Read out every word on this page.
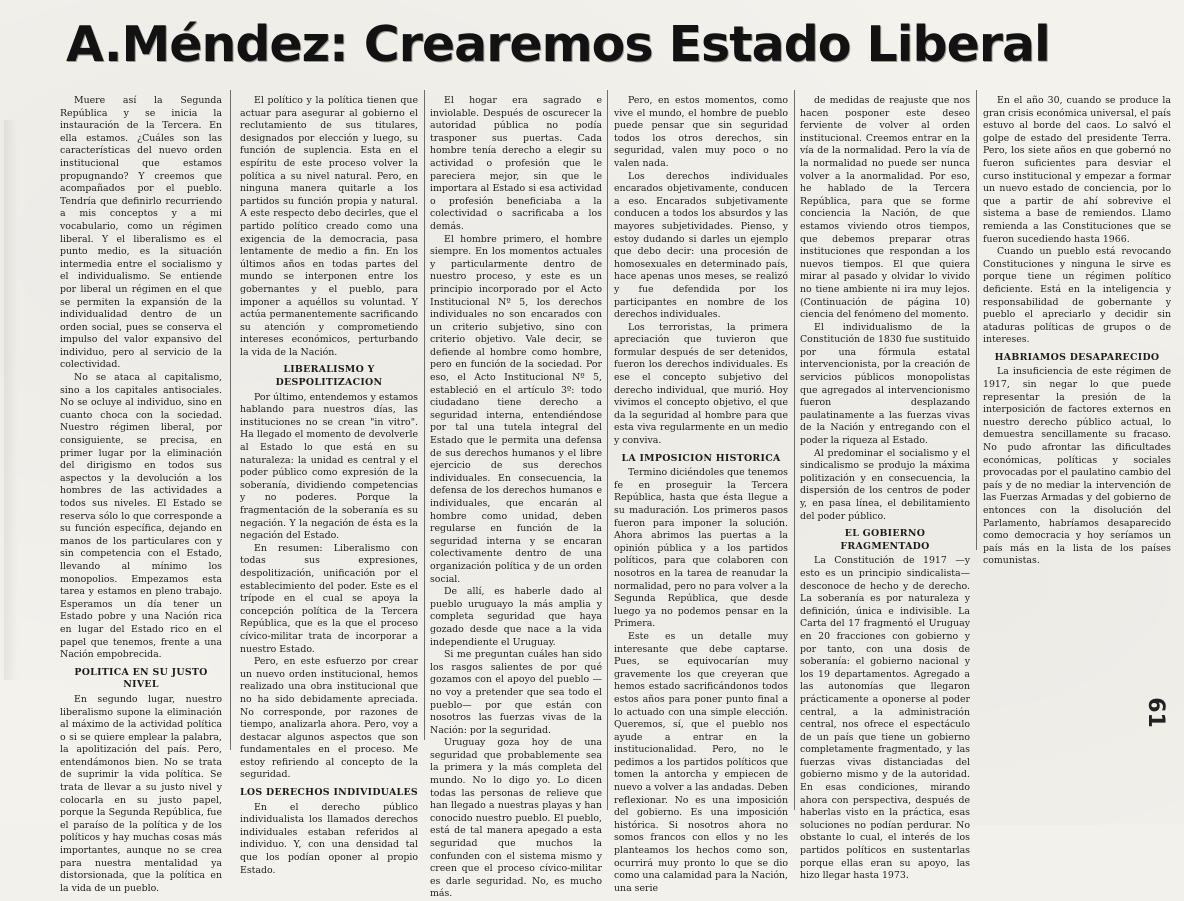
A.Méndez: Crearemos Estado Liberal

Muere así la Segunda República y se inicia la instauración de la Tercera. En ella estamos. ¿Cuáles son las características del nuevo orden institucional que estamos propugnando? Y creemos que acompañados por el pueblo. Tendría que definirlo recurriendo a mis conceptos y a mi vocabulario, como un régimen liberal. Y el liberalismo es el punto medio, es la situación intermedia entre el socialismo y el individualismo. Se entiende por liberal un régimen en el que se permiten la expansión de la individualidad dentro de un orden social, pues se conserva el impulso del valor expansivo del individuo, pero al servicio de la colectividad.

No se ataca al capitalismo, sino a los capitales antisociales. No se ocluye al individuo, sino en cuanto choca con la sociedad. Nuestro régimen liberal, por consiguiente, se precisa, en primer lugar por la eliminación del dirigismo en todos sus aspectos y la devolución a los hombres de las actividades a todos sus niveles. El Estado se reserva sólo lo que corresponde a su función específica, dejando en manos de los particulares con y sin competencia con el Estado, llevando al mínimo los monopolios. Empezamos esta tarea y estamos en pleno trabajo. Esperamos un día tener un Estado pobre y una Nación rica en lugar del Estado rico en el papel que tenemos, frente a una Nación empobrecida.

POLITICA EN SU JUSTO NIVEL

En segundo lugar, nuestro liberalismo supone la eliminación al máximo de la actividad política o si se quiere emplear la palabra, la apolitización del país. Pero, entendámonos bien. No se trata de suprimir la vida política. Se trata de llevar a su justo nivel y colocarla en su justo papel, porque la Segunda República, fue el paraíso de la política y de los políticos y hay muchas cosas más importantes, aunque no se crea para nuestra mentalidad ya distorsionada, que la política en la vida de un pueblo.

El político y la política tienen que actuar para asegurar al gobierno el reclutamiento de sus titulares, designados por elección y luego, su función de suplencia. Esta en el espíritu de este proceso volver la política a su nivel natural. Pero, en ninguna manera quitarle a los partidos su función propia y natural. A este respecto debo decirles, que el partido político creado como una exigencia de la democracia, pasa lentamente de medio a fin. En los últimos años en todas partes del mundo se interponen entre los gobernantes y el pueblo, para imponer a aquéllos su voluntad. Y actúa permanentemente sacrificando su atención y comprometiendo intereses económicos, perturbando la vida de la Nación.

LIBERALISMO Y DESPOLITIZACION

Por último, entendemos y estamos hablando para nuestros días, las instituciones no se crean "in vitro". Ha llegado el momento de devolverle al Estado lo que está en su naturaleza: la unidad es central y el poder público como expresión de la soberanía, dividiendo competencias y no poderes. Porque la fragmentación de la soberanía es su negación. Y la negación de ésta es la negación del Estado.

En resumen: Liberalismo con todas sus expresiones, despolitización, unificación por el establecimiento del poder. Este es el trípode en el cual se apoya la concepción política de la Tercera República, que es la que el proceso cívico-militar trata de incorporar a nuestro Estado.

Pero, en este esfuerzo por crear un nuevo orden institucional, hemos realizado una obra institucional que no ha sido debidamente apreciada. No corresponde, por razones de tiempo, analizarla ahora. Pero, voy a destacar algunos aspectos que son fundamentales en el proceso. Me estoy refiriendo al concepto de la seguridad.

LOS DERECHOS INDIVIDUALES

En el derecho público individualista los llamados derechos individuales estaban referidos al individuo. Y, con una densidad tal que los podían oponer al propio Estado.

El hogar era sagrado e inviolable. Después de oscurecer la autoridad pública no podía trasponer sus puertas. Cada hombre tenía derecho a elegir su actividad o profesión que le pareciera mejor, sin que le importara al Estado si esa actividad o profesión beneficiaba a la colectividad o sacrificaba a los demás.

El hombre primero, el hombre siempre. En los momentos actuales y particularmente dentro de nuestro proceso, y este es un principio incorporado por el Acto Institucional Nº 5, los derechos individuales no son encarados con un criterio subjetivo, sino con criterio objetivo. Vale decir, se defiende al hombre como hombre, pero en función de la sociedad. Por eso, el Acto Institucional Nº 5, estableció en el artículo 3º: todo ciudadano tiene derecho a seguridad interna, entendiéndose por tal una tutela integral del Estado que le permita una defensa de sus derechos humanos y el libre ejercicio de sus derechos individuales. En consecuencia, la defensa de los derechos humanos e individuales, que encarán al hombre como unidad, deben regularse en función de la seguridad interna y se encaran colectivamente dentro de una organización política y de un orden social.

De allí, es haberle dado al pueblo uruguayo la más amplia y completa seguridad que haya gozado desde que nace a la vida independiente el Uruguay.

Si me preguntan cuáles han sido los rasgos salientes de por qué gozamos con el apoyo del pueblo —no voy a pretender que sea todo el pueblo— por que están con nosotros las fuerzas vivas de la Nación: por la seguridad.

Uruguay goza hoy de una seguridad que probablemente sea la primera y la más completa del mundo. No lo digo yo. Lo dicen todas las personas de relieve que han llegado a nuestras playas y han conocido nuestro pueblo. El pueblo, está de tal manera apegado a esta seguridad que muchos la confunden con el sistema mismo y creen que el proceso cívico-militar es darle seguridad. No, es mucho más.

Pero, en estos momentos, como vive el mundo, el hombre de pueblo puede pensar que sin seguridad todos los otros derechos, sin seguridad, valen muy poco o no valen nada.

Los derechos individuales encarados objetivamente, conducen a eso. Encarados subjetivamente conducen a todos los absurdos y las mayores subjetividades. Pienso, y estoy dudando si darles un ejemplo que debo decir: una procesión de homosexuales en determinado país, hace apenas unos meses, se realizó y fue defendida por los participantes en nombre de los derechos individuales.

Los terroristas, la primera apreciación que tuvieron que formular después de ser detenidos, fueron los derechos individuales. Es ese el concepto subjetivo del derecho individual, que murió. Hoy vivimos el concepto objetivo, el que da la seguridad al hombre para que esta viva regularmente en un medio y conviva.

LA IMPOSICION HISTORICA

Termino diciéndoles que tenemos fe en proseguir la Tercera República, hasta que ésta llegue a su maduración. Los primeros pasos fueron para imponer la solución. Ahora abrimos las puertas a la opinión pública y a los partidos políticos, para que colaboren con nosotros en la tarea de reanudar la normalidad, pero no para volver a la Segunda República, que desde luego ya no podemos pensar en la Primera.

Este es un detalle muy interesante que debe captarse. Pues, se equivocarían muy gravemente los que creyeran que hemos estado sacrificándonos todos estos años para poner punto final a lo actuado con una simple elección. Queremos, sí, que el pueblo nos ayude a entrar en la institucionalidad. Pero, no le pedimos a los partidos políticos que tomen la antorcha y empiecen de nuevo a volver a las andadas. Deben reflexionar. No es una imposición del gobierno. Es una imposición histórica. Si nosotros ahora no somos francos con ellos y no les planteamos los hechos como son, ocurrirá muy pronto lo que se dio como una calamidad para la Nación, una serie

de medidas de reajuste que nos hacen posponer este deseo ferviente de volver al orden institucional. Creemos entrar en la vía de la normalidad. Pero la vía de la normalidad no puede ser nunca volver a la anormalidad. Por eso, he hablado de la Tercera República, para que se forme conciencia la Nación, de que estamos viviendo otros tiempos, que debemos preparar otras instituciones que respondan a los nuevos tiempos. El que quiera mirar al pasado y olvidar lo vivido no tiene ambiente ni ira muy lejos. (Continuación de página 10) ciencia del fenómeno del momento.

El individualismo de la Constitución de 1830 fue sustituido por una fórmula estatal intervencionista, por la creación de servicios públicos monopolistas que agregados al intervencionismo fueron desplazando paulatinamente a las fuerzas vivas de la Nación y entregando con el poder la riqueza al Estado.

Al predominar el socialismo y el sindicalismo se produjo la máxima politización y en consecuencia, la dispersión de los centros de poder y, en pasa línea, el debilitamiento del poder público.

EL GOBIERNO FRAGMENTADO

La Constitución de 1917 —y esto es un principio sindicalista— desconoce de hecho y de derecho. La soberanía es por naturaleza y definición, única e indivisible. La Carta del 17 fragmentó el Uruguay en 20 fracciones con gobierno y por tanto, con una dosis de soberanía: el gobierno nacional y los 19 departamentos. Agregado a las autonomías que llegaron prácticamente a oponerse al poder central, a la administración central, nos ofrece el espectáculo de un país que tiene un gobierno completamente fragmentado, y las fuerzas vivas distanciadas del gobierno mismo y de la autoridad. En esas condiciones, mirando ahora con perspectiva, después de haberlas visto en la práctica, esas soluciones no podían perdurar. No obstante lo cual, el interés de los partidos políticos en sustentarlas porque ellas eran su apoyo, las hizo llegar hasta 1973.

En el año 30, cuando se produce la gran crisis económica universal, el país estuvo al borde del caos. Lo salvó el golpe de estado del presidente Terra. Pero, los siete años en que gobernó no fueron suficientes para desviar el curso institucional y empezar a formar un nuevo estado de conciencia, por lo que a partir de ahí sobrevive el sistema a base de remiendos. Llamo remienda a las Constituciones que se fueron sucediendo hasta 1966.

Cuando un pueblo está revocando Constituciones y ninguna le sirve es porque tiene un régimen político deficiente. Está en la inteligencia y responsabilidad de gobernante y pueblo el apreciarlo y decidir sin ataduras políticas de grupos o de intereses.

HABRIAMOS DESAPARECIDO

La insuficiencia de este régimen de 1917, sin negar lo que puede representar la presión de la interposición de factores externos en nuestro derecho público actual, lo demuestra sencillamente su fracaso. No pudo afrontar las dificultades económicas, políticas y sociales provocadas por el paulatino cambio del país y de no mediar la intervención de las Fuerzas Armadas y del gobierno de entonces con la disolución del Parlamento, habríamos desaparecido como democracia y hoy seríamos un país más en la lista de los países comunistas.

61
